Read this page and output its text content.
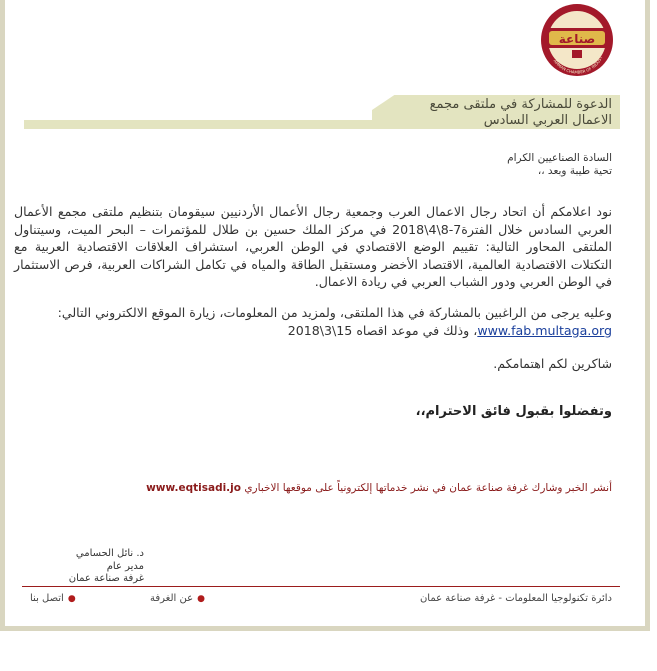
صناعة
AMMAN CHAMBER OF INDUST
الدعوة للمشاركة في ملتقى مجمع
الاعمال العربي السادس
السادة الصناعيين الكرام
تحية طيبة وبعد ،،
نود اعلامكم أن اتحاد رجال الاعمال العرب وجمعية رجال الأعمال الأردنيين سيقومان بتنظيم ملتقى مجمع الأعمال العربي السادس خلال الفترة7-8\4\2018 في مركز الملك حسين بن طلال للمؤتمرات – البحر الميت، وسيتناول الملتقى المحاور التالية: تقييم الوضع الاقتصادي في الوطن العربي، استشراف العلاقات الاقتصادية العربية مع التكتلات الاقتصادية العالمية، الاقتصاد الأخضر ومستقبل الطاقة والمياه في تكامل الشراكات العربية، فرص الاستثمار في الوطن العربي ودور الشباب العربي في ريادة الاعمال.
وعليه يرجى من الراغبين بالمشاركة في هذا الملتقى، ولمزيد من المعلومات، زيارة الموقع الالكتروني التالي: www.fab.multaga.org، وذلك في موعد اقصاه 15\3\2018
شاكرين لكم اهتمامكم.
وتفضلوا بقبول فائق الاحترام،،
أنشر الخبر وشارك غرفة صناعة عمان في نشر خدماتها إلكترونياً على موقعها الاخباري www.eqtisadi.jo
د. نائل الحسامي
مدير عام
غرفة صناعة عمان
دائرة تكنولوجيا المعلومات - غرفة صناعة عمان
●عن الغرفة
●اتصل بنا
